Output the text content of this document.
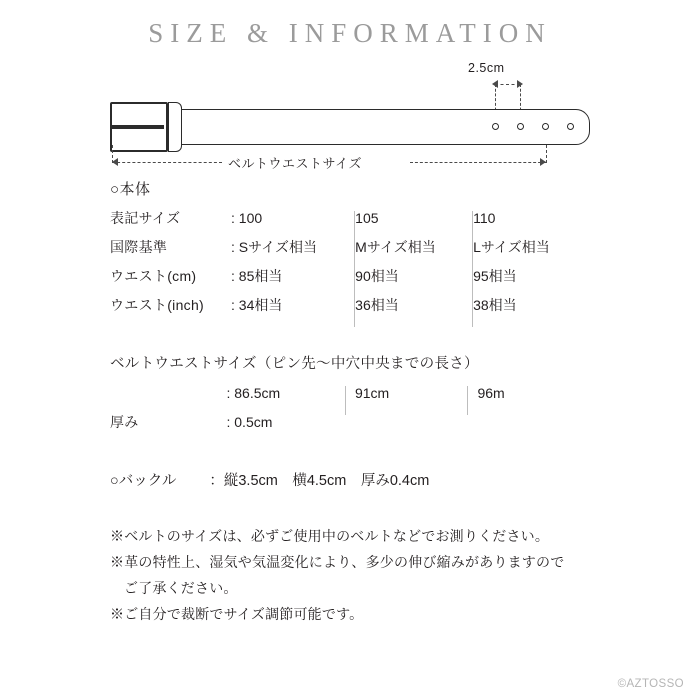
SIZE & INFORMATION
2.5cm
ベルトウエストサイズ
○本体
表記サイズ	: 100	105	110
国際基準	: Sサイズ相当	Mサイズ相当	Lサイズ相当
ウエスト(cm)	: 85相当	90相当	95相当
ウエスト(inch)	: 34相当	36相当	38相当
ベルトウエストサイズ（ピン先〜中穴中央までの長さ）
	: 86.5cm	91cm	96m
厚み	: 0.5cm		
○バックル　　 ：縦3.5cm　横4.5cm　厚み0.4cm
※ベルトのサイズは、必ずご使用中のベルトなどでお測りください。
※革の特性上、湿気や気温変化により、多少の伸び縮みがありますので
ご了承ください。
※ご自分で裁断でサイズ調節可能です。
©AZTOSSO
